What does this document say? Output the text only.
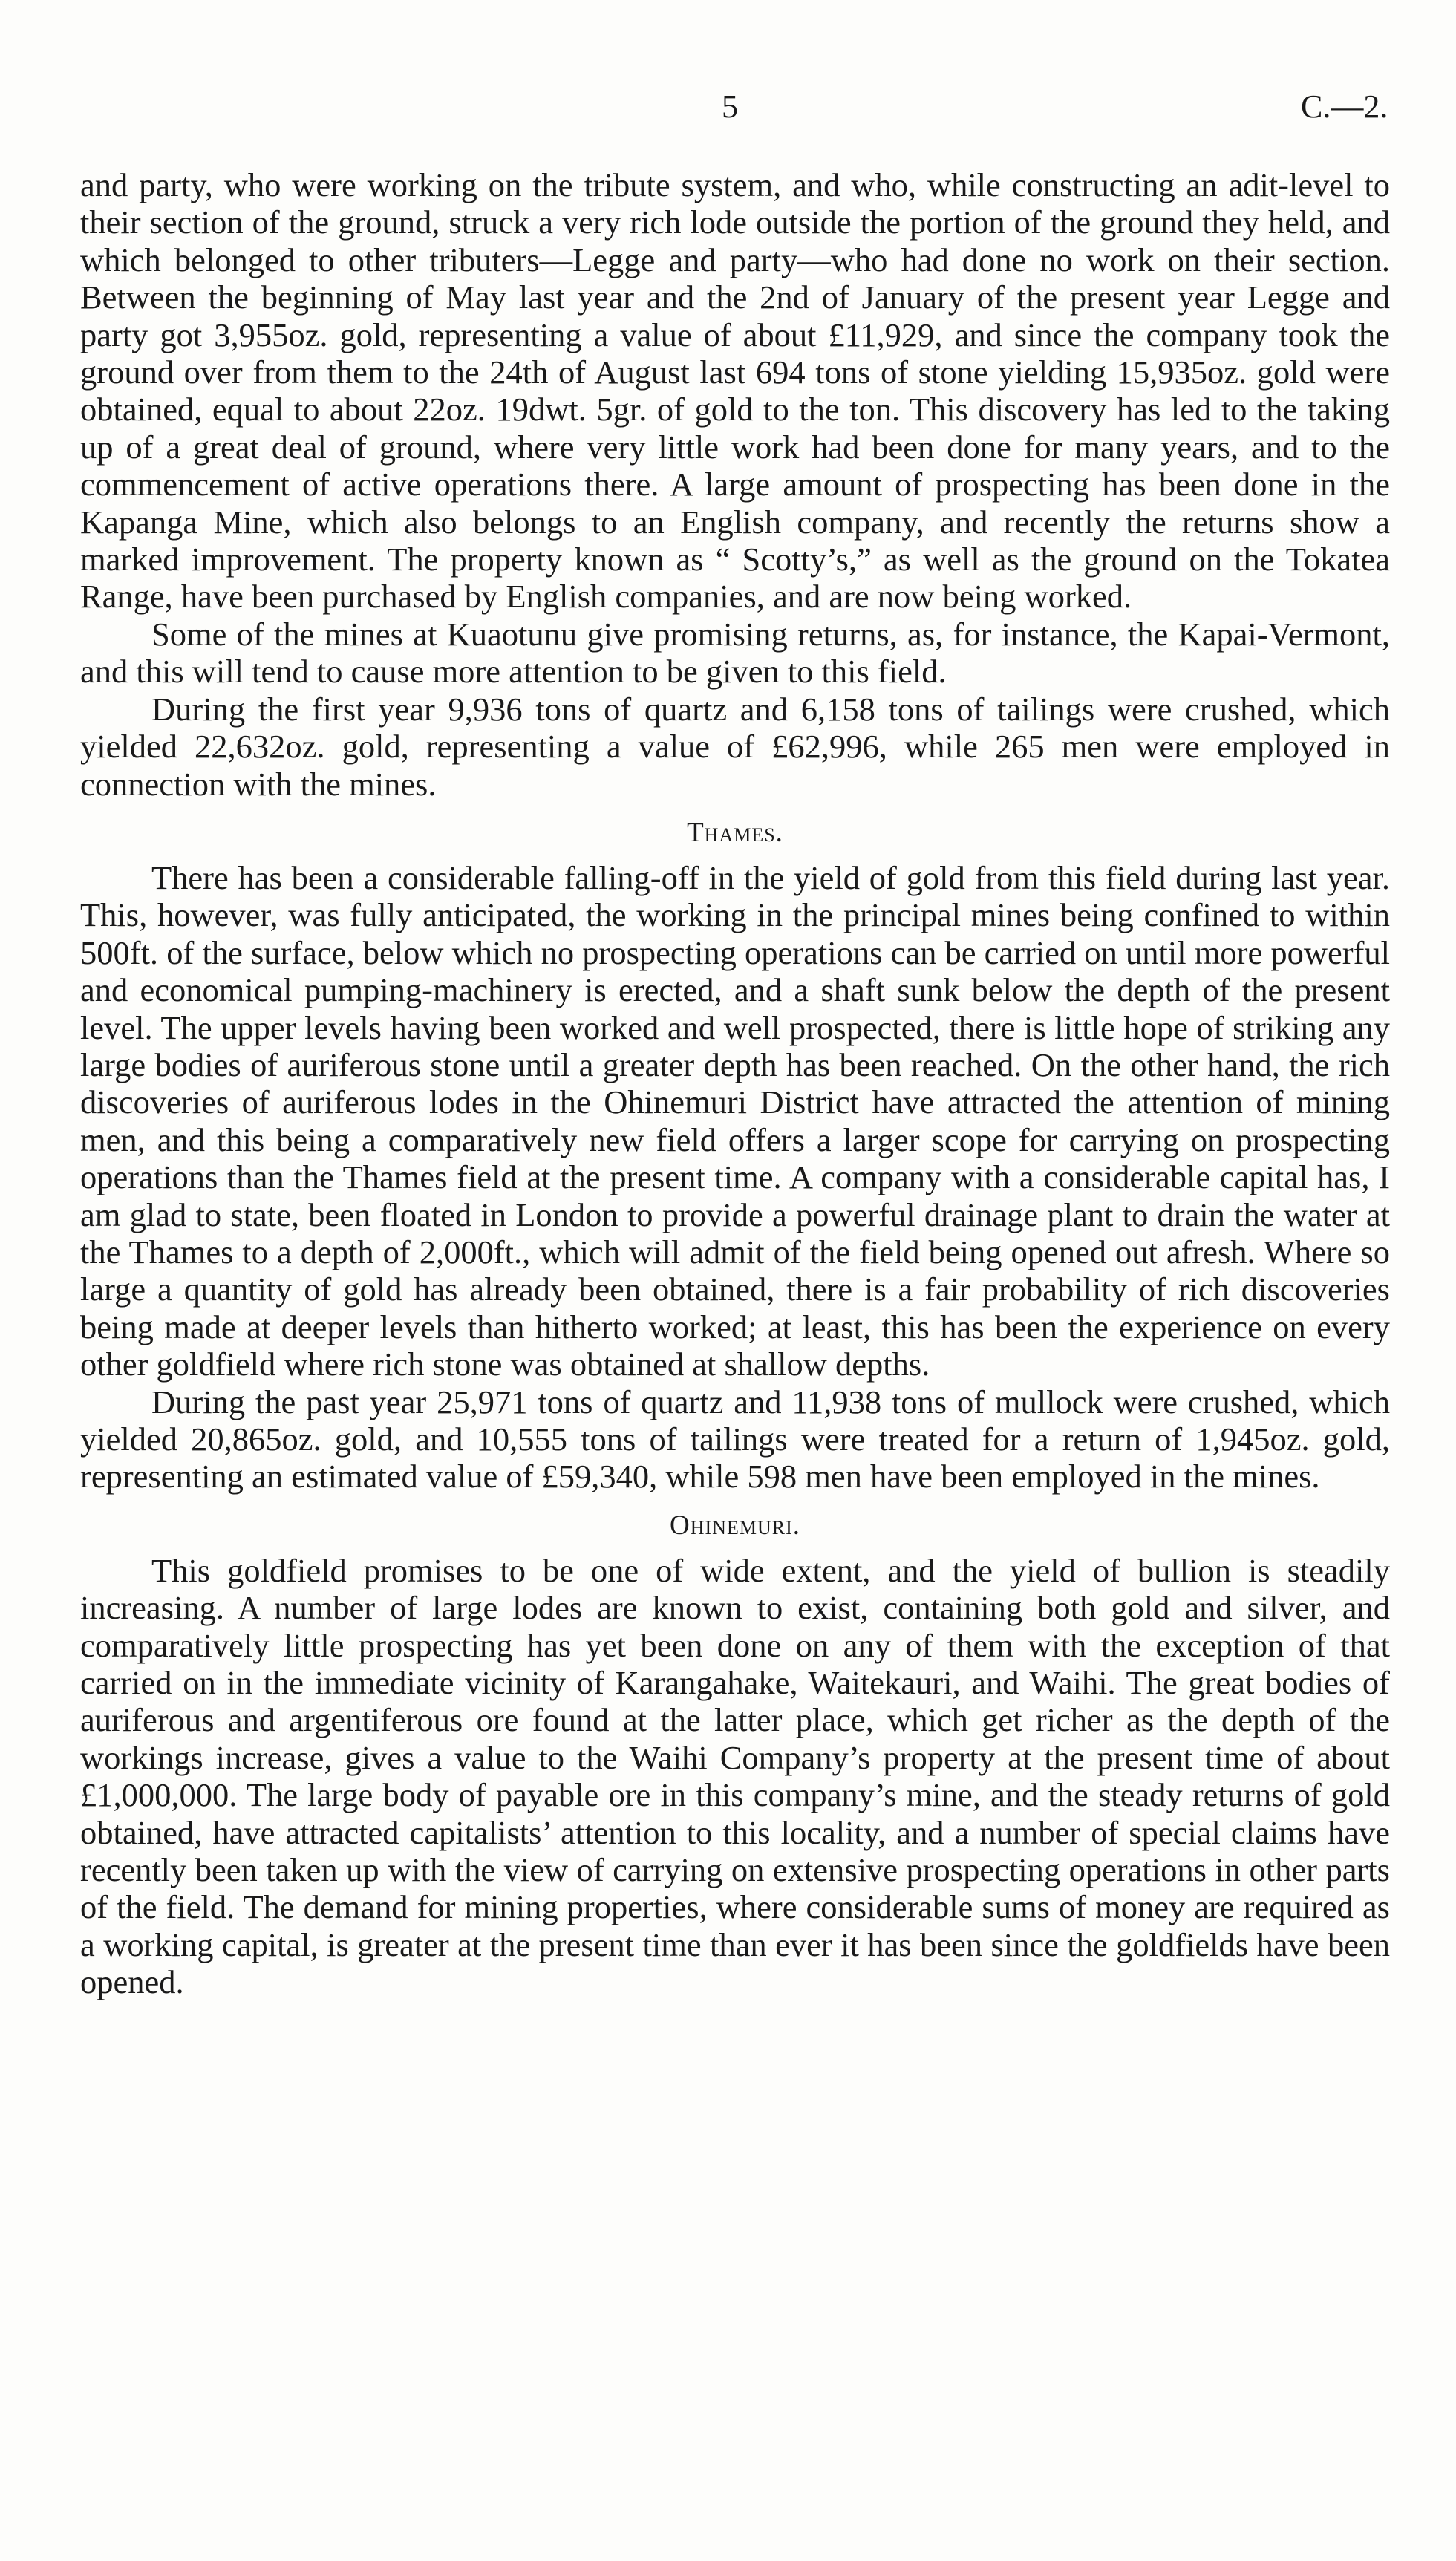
5	C.—2.

and party, who were working on the tribute system, and who, while constructing an adit-level to their section of the ground, struck a very rich lode outside the portion of the ground they held, and which belonged to other tributers—Legge and party—who had done no work on their section. Between the beginning of May last year and the 2nd of January of the present year Legge and party got 3,955oz. gold, representing a value of about £11,929, and since the company took the ground over from them to the 24th of August last 694 tons of stone yielding 15,935oz. gold were obtained, equal to about 22oz. 19dwt. 5gr. of gold to the ton. This discovery has led to the taking up of a great deal of ground, where very little work had been done for many years, and to the commencement of active operations there. A large amount of prospecting has been done in the Kapanga Mine, which also belongs to an English company, and recently the returns show a marked improvement. The property known as “ Scotty’s,” as well as the ground on the Tokatea Range, have been purchased by English companies, and are now being worked.

Some of the mines at Kuaotunu give promising returns, as, for instance, the Kapai-Vermont, and this will tend to cause more attention to be given to this field.

During the first year 9,936 tons of quartz and 6,158 tons of tailings were crushed, which yielded 22,632oz. gold, representing a value of £62,996, while 265 men were employed in connection with the mines.

Thames.

There has been a considerable falling-off in the yield of gold from this field during last year. This, however, was fully anticipated, the working in the principal mines being confined to within 500ft. of the surface, below which no prospecting operations can be carried on until more powerful and economical pumping-machinery is erected, and a shaft sunk below the depth of the present level. The upper levels having been worked and well prospected, there is little hope of striking any large bodies of auriferous stone until a greater depth has been reached. On the other hand, the rich discoveries of auriferous lodes in the Ohinemuri District have attracted the attention of mining men, and this being a comparatively new field offers a larger scope for carrying on prospecting operations than the Thames field at the present time. A company with a considerable capital has, I am glad to state, been floated in London to provide a powerful drainage plant to drain the water at the Thames to a depth of 2,000ft., which will admit of the field being opened out afresh. Where so large a quantity of gold has already been obtained, there is a fair probability of rich discoveries being made at deeper levels than hitherto worked; at least, this has been the experience on every other goldfield where rich stone was obtained at shallow depths.

During the past year 25,971 tons of quartz and 11,938 tons of mullock were crushed, which yielded 20,865oz. gold, and 10,555 tons of tailings were treated for a return of 1,945oz. gold, representing an estimated value of £59,340, while 598 men have been employed in the mines.

Ohinemuri.

This goldfield promises to be one of wide extent, and the yield of bullion is steadily increasing. A number of large lodes are known to exist, containing both gold and silver, and comparatively little prospecting has yet been done on any of them with the exception of that carried on in the immediate vicinity of Karangahake, Waitekauri, and Waihi. The great bodies of auriferous and argentiferous ore found at the latter place, which get richer as the depth of the workings increase, gives a value to the Waihi Company’s property at the present time of about £1,000,000. The large body of payable ore in this company’s mine, and the steady returns of gold obtained, have attracted capitalists’ attention to this locality, and a number of special claims have recently been taken up with the view of carrying on extensive prospecting operations in other parts of the field. The demand for mining properties, where considerable sums of money are required as a working capital, is greater at the present time than ever it has been since the goldfields have been opened.
